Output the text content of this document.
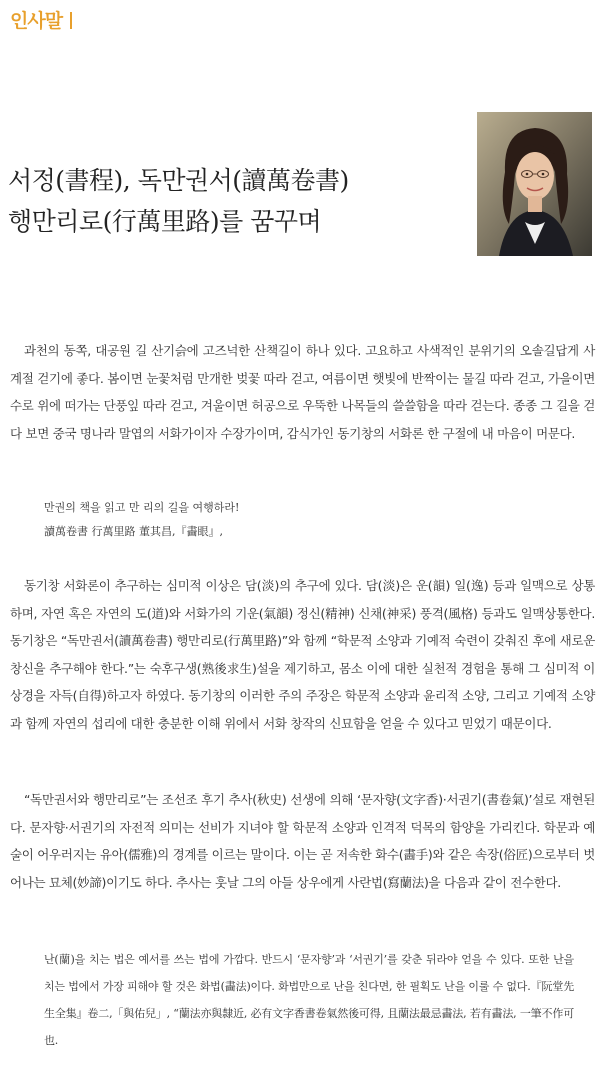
인사말
서정(書程), 독만권서(讀萬卷書)
행만리로(行萬里路)를 꿈꾸며
과천의 동쪽, 대공원 길 산기슭에 고즈넉한 산책길이 하나 있다. 고요하고 사색적인 분위기의 오솔길답게 사계절 걷기에 좋다. 봄이면 눈꽃처럼 만개한 벚꽃 따라 걷고, 여름이면 햇빛에 반짝이는 물길 따라 걷고, 가을이면 수로 위에 떠가는 단풍잎 따라 걷고, 겨울이면 허공으로 우뚝한 나목들의 쓸쓸함을 따라 걷는다. 종종 그 길을 걷다 보면 중국 명나라 말엽의 서화가이자 수장가이며, 감식가인 동기창의 서화론 한 구절에 내 마음이 머문다.
만권의 책을 읽고 만 리의 길을 여행하라!
讀萬卷書 行萬里路 董其昌,『畵眼』,
동기창 서화론이 추구하는 심미적 이상은 담(淡)의 추구에 있다. 담(淡)은 운(韻) 일(逸) 등과 일맥으로 상통하며, 자연 혹은 자연의 도(道)와 서화가의 기운(氣韻) 정신(精神) 신채(神采) 풍격(風格) 등과도 일맥상통한다. 동기창은 “독만권서(讀萬卷書) 행만리로(行萬里路)”와 함께 “학문적 소양과 기예적 숙련이 갖춰진 후에 새로운 창신을 추구해야 한다.”는 숙후구생(熟後求生)설을 제기하고, 몸소 이에 대한 실천적 경험을 통해 그 심미적 이상경을 자득(自得)하고자 하였다. 동기창의 이러한 주의 주장은 학문적 소양과 윤리적 소양, 그리고 기예적 소양과 함께 자연의 섭리에 대한 충분한 이해 위에서 서화 창작의 신묘함을 얻을 수 있다고 믿었기 때문이다.
“독만권서와 행만리로”는 조선조 후기 추사(秋史) 선생에 의해 ‘문자향(文字香)·서권기(書卷氣)’설로 재현된다. 문자향·서권기의 자전적 의미는 선비가 지녀야 할 학문적 소양과 인격적 덕목의 함양을 가리킨다. 학문과 예술이 어우러지는 유아(儒雅)의 경계를 이르는 말이다. 이는 곧 저속한 화수(畵手)와 같은 속장(俗匠)으로부터 벗어나는 묘체(妙諦)이기도 하다. 추사는 훗날 그의 아들 상우에게 사란법(寫蘭法)을 다음과 같이 전수한다.
난(蘭)을 치는 법은 예서를 쓰는 법에 가깝다. 반드시 ‘문자향’과 ‘서권기’를 갖춘 뒤라야 얻을 수 있다. 또한 난을 치는 법에서 가장 피해야 할 것은 화법(畵法)이다. 화법만으로 난을 친다면, 한 필획도 난을 이룰 수 없다.『阮堂先生全集』卷二,「與佑兒」, “蘭法亦與隸近, 必有文字香書卷氣然後可得, 且蘭法最忌畵法, 若有畵法, 一筆不作可也.
